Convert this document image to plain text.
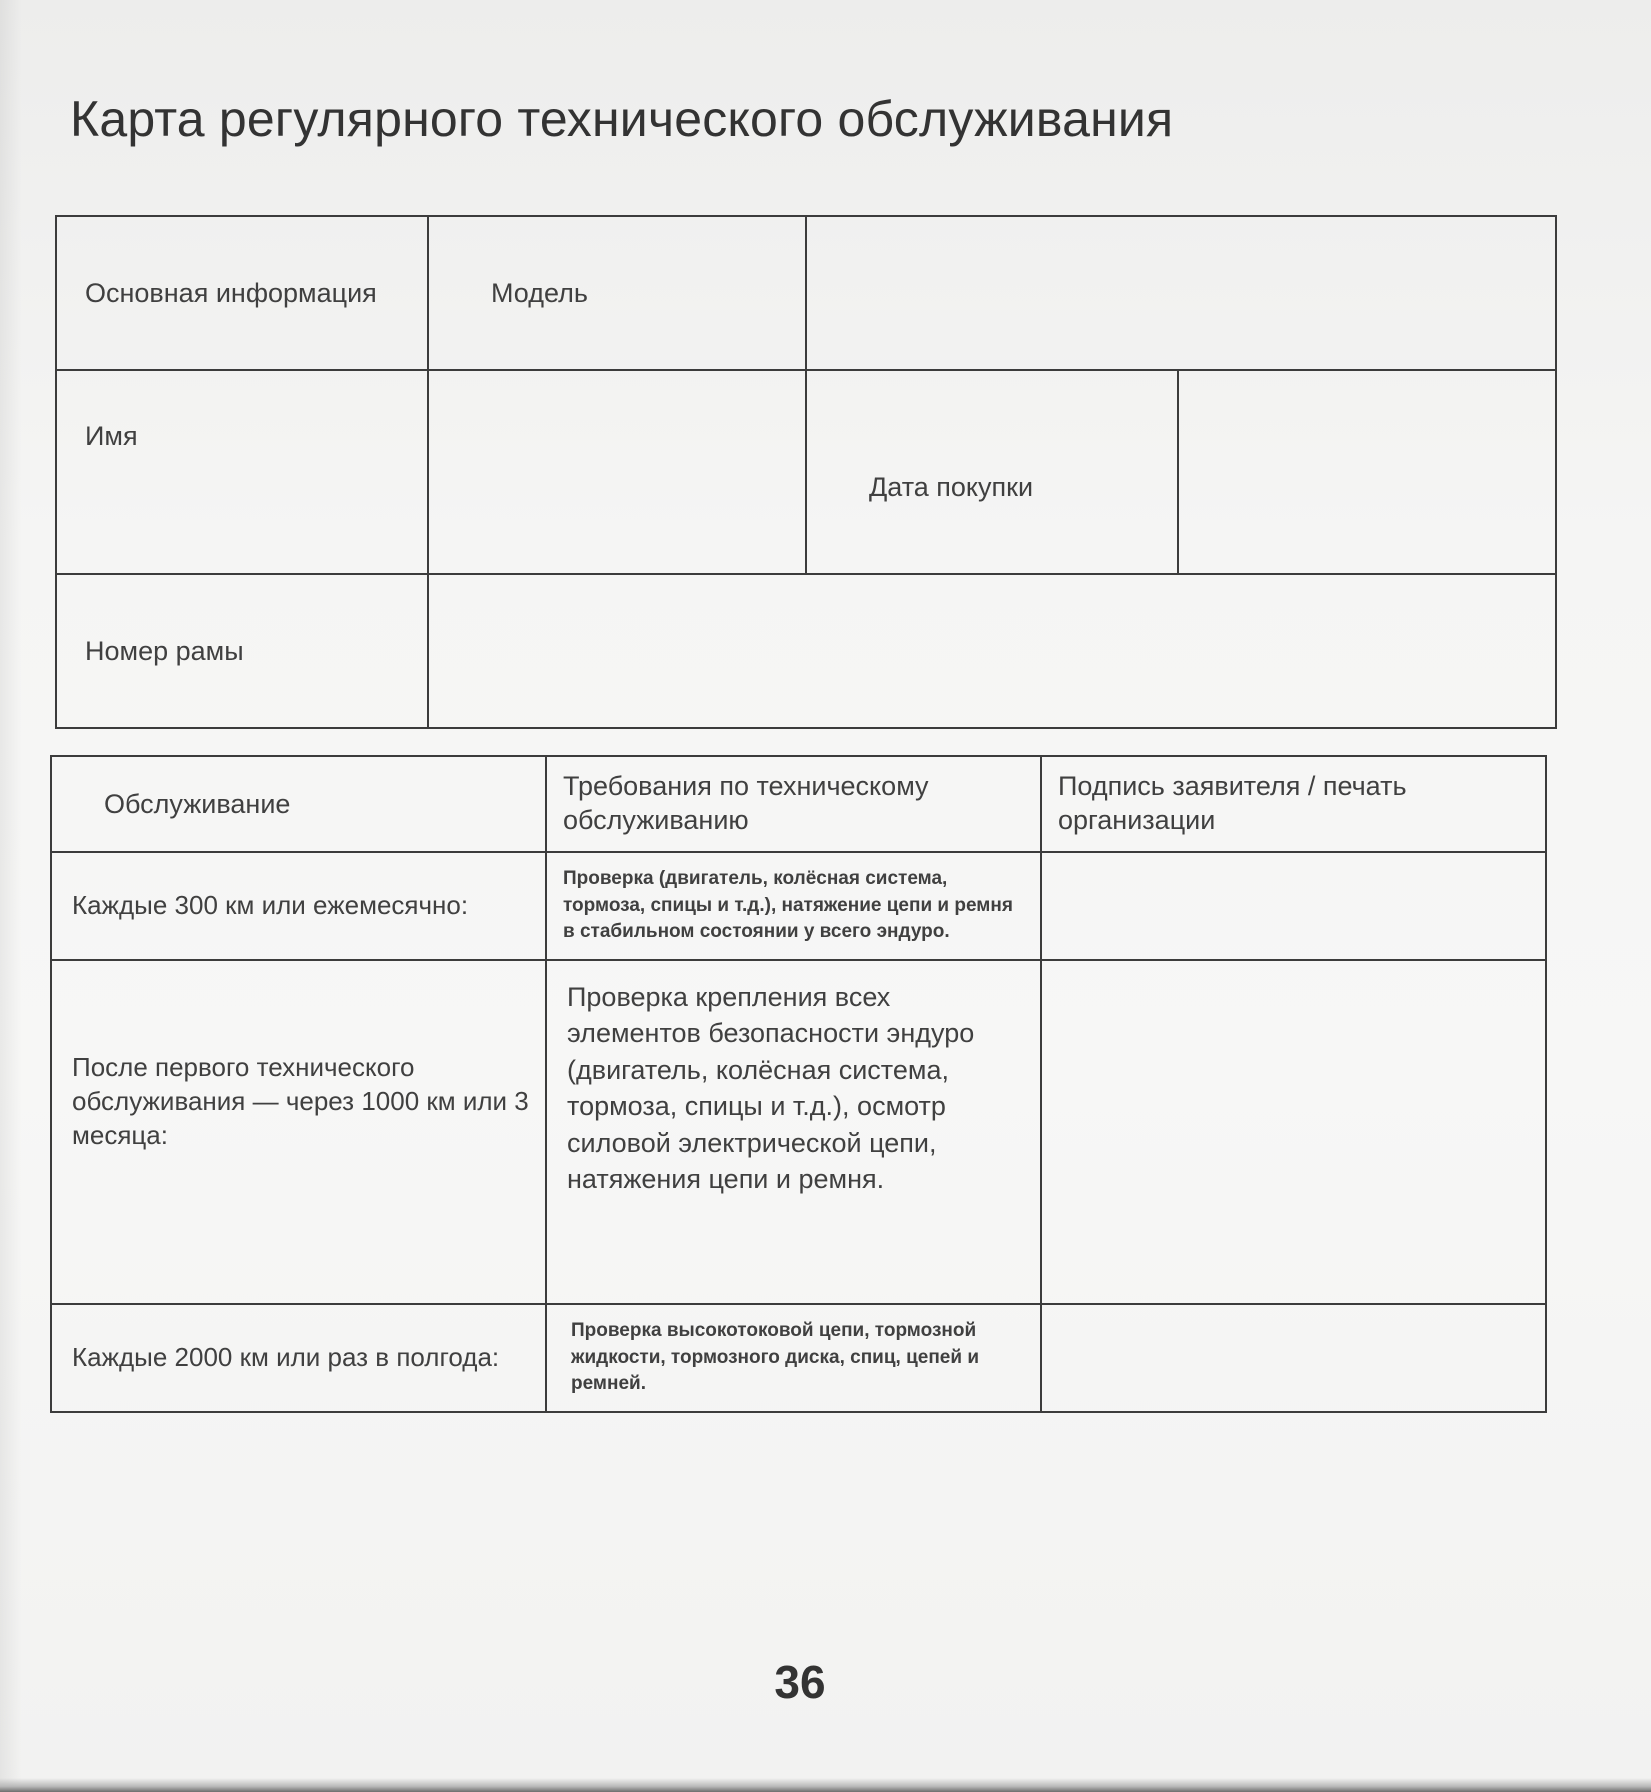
Карта регулярного технического обслуживания
Основная информация	Модель		
Имя		Дата покупки	
Номер рамы			
Обслуживание	Требования по техническому обслуживанию	Подпись заявителя / печать организации
Каждые 300 км или ежемесячно:	Проверка (двигатель, колёсная система, тормоза, спицы и т.д.), натяжение цепи и ремня в стабильном состоянии у всего эндуро.	
После первого технического обслуживания — через 1000 км или 3 месяца:	Проверка крепления всех элементов безопасности эндуро (двигатель, колёсная система, тормоза, спицы и т.д.), осмотр силовой электрической цепи, натяжения цепи и ремня.	
Каждые 2000 км или раз в полгода:	Проверка высокотоковой цепи, тормозной жидкости, тормозного диска, спиц, цепей и ремней.	
36
